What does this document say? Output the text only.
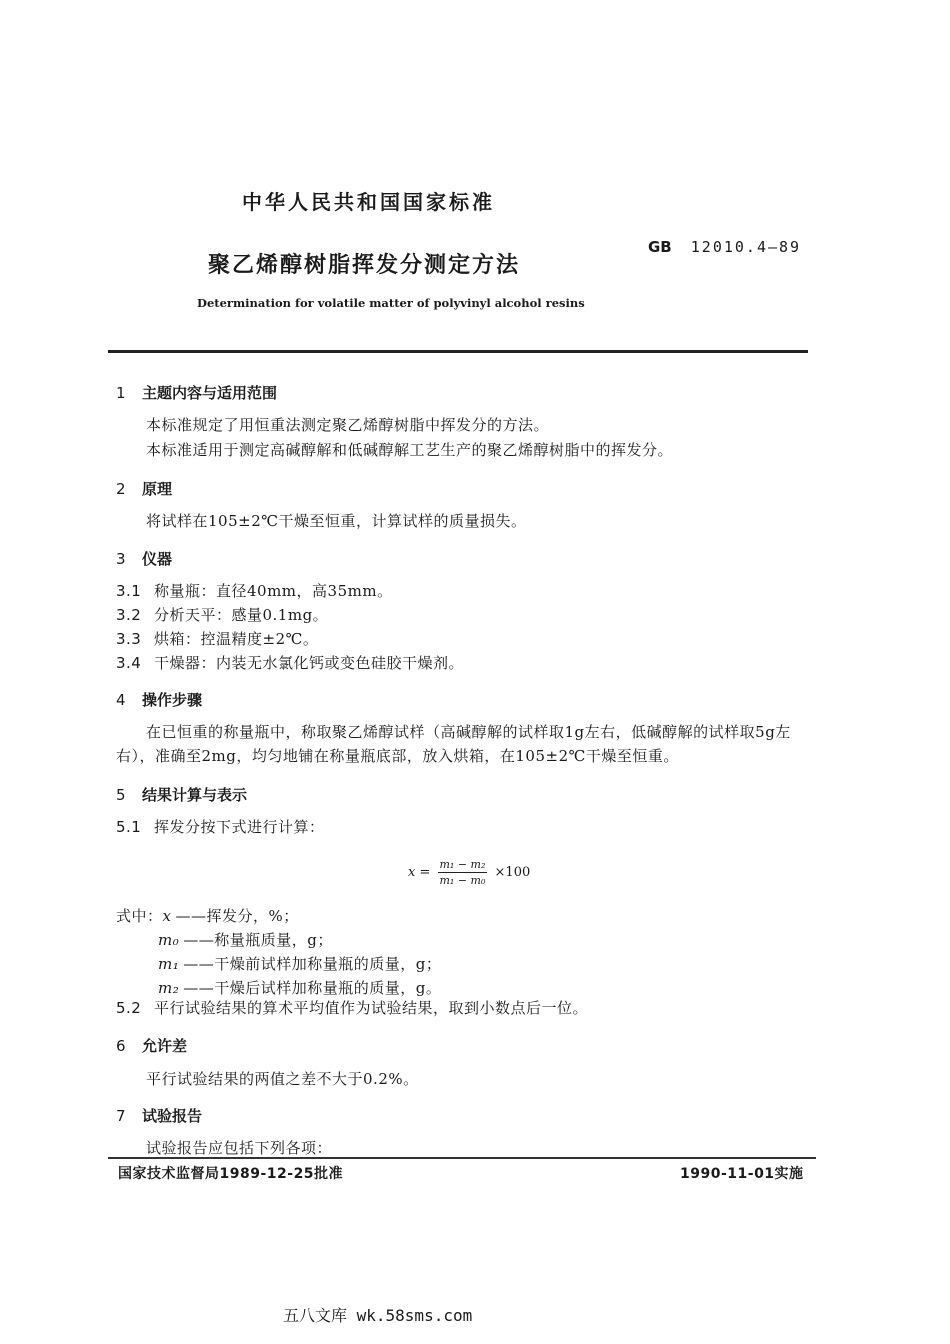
中华人民共和国国家标准
聚乙烯醇树脂挥发分测定方法
GB 12010.4—89
Determination for volatile matter of polyvinyl alcohol resins
1 主题内容与适用范围
本标准规定了用恒重法测定聚乙烯醇树脂中挥发分的方法。
本标准适用于测定高碱醇解和低碱醇解工艺生产的聚乙烯醇树脂中的挥发分。
2 原理
将试样在105±2℃干燥至恒重，计算试样的质量损失。
3 仪器
3.1 称量瓶：直径40mm，高35mm。
3.2 分析天平：感量0.1mg。
3.3 烘箱：控温精度±2℃。
3.4 干燥器：内装无水氯化钙或变色硅胶干燥剂。
4 操作步骤
在已恒重的称量瓶中，称取聚乙烯醇试样（高碱醇解的试样取1g左右，低碱醇解的试样取5g左
右），准确至2mg，均匀地铺在称量瓶底部，放入烘箱，在105±2℃干燥至恒重。
5 结果计算与表示
5.1 挥发分按下式进行计算：
$x = \frac{\text{m₁ − m₂}}{\text{m₁ − m₀}} \times 100$
式中：x ——挥发分，%；
m₀ ——称量瓶质量，g；
m₁ ——干燥前试样加称量瓶的质量，g；
m₂ ——干燥后试样加称量瓶的质量，g。
5.2 平行试验结果的算术平均值作为试验结果，取到小数点后一位。
6 允许差
平行试验结果的两值之差不大于0.2%。
7 试验报告
试验报告应包括下列各项：
国家技术监督局1989-12-25批准	1990-11-01实施
五八文库 wk.58sms.com
